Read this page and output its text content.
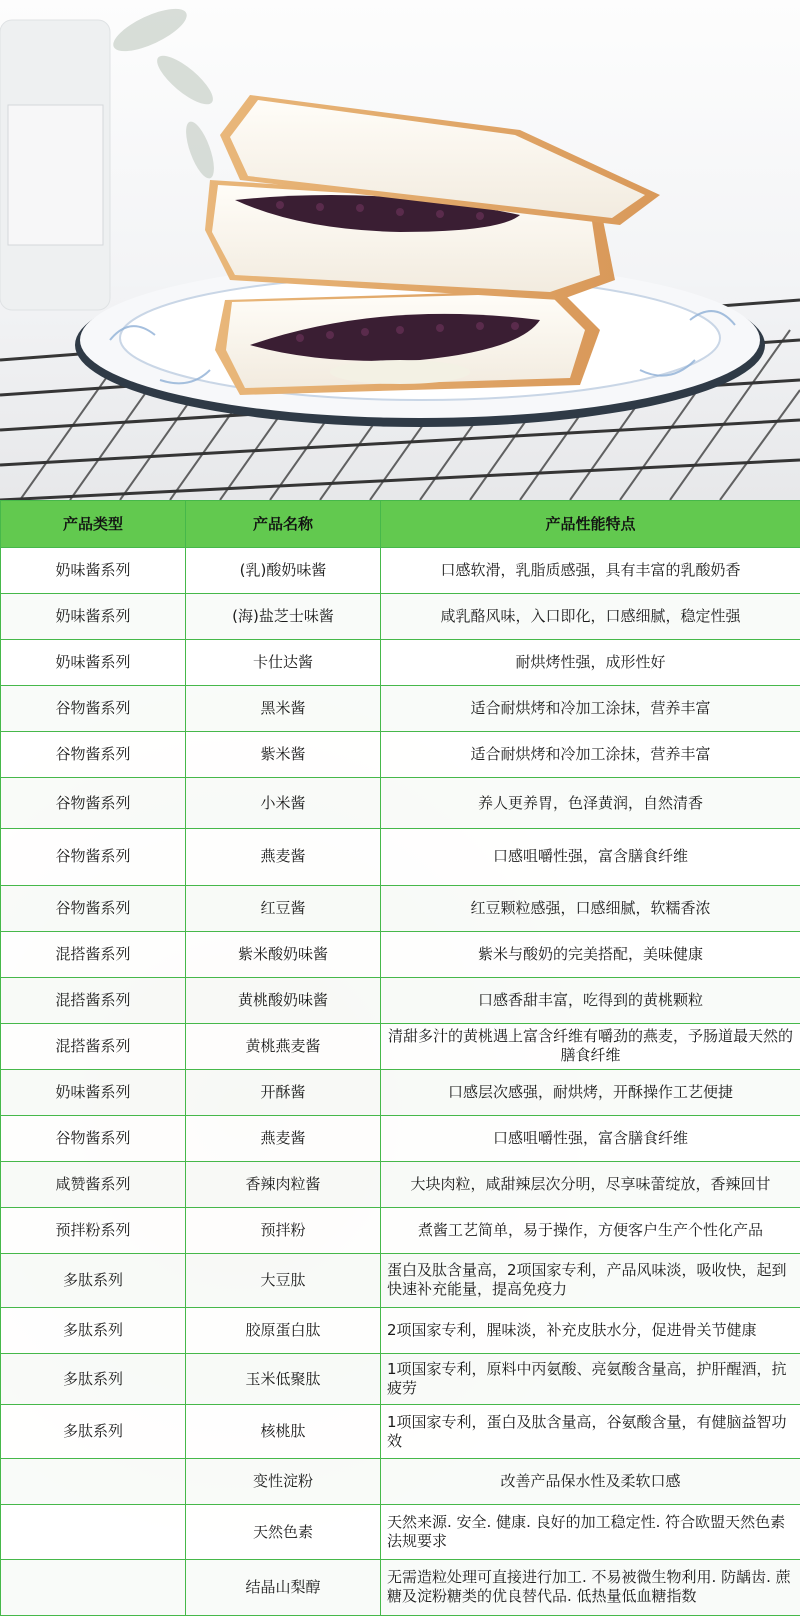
产品类型	产品名称	产品性能特点
奶味酱系列	(乳)酸奶味酱	口感软滑，乳脂质感强，具有丰富的乳酸奶香
奶味酱系列	(海)盐芝士味酱	咸乳酪风味，入口即化，口感细腻，稳定性强
奶味酱系列	卡仕达酱	耐烘烤性强，成形性好
谷物酱系列	黑米酱	适合耐烘烤和冷加工涂抹，营养丰富
谷物酱系列	紫米酱	适合耐烘烤和冷加工涂抹，营养丰富
谷物酱系列	小米酱	养人更养胃，色泽黄润，自然清香
谷物酱系列	燕麦酱	口感咀嚼性强，富含膳食纤维
谷物酱系列	红豆酱	红豆颗粒感强，口感细腻，软糯香浓
混搭酱系列	紫米酸奶味酱	紫米与酸奶的完美搭配，美味健康
混搭酱系列	黄桃酸奶味酱	口感香甜丰富，吃得到的黄桃颗粒
混搭酱系列	黄桃燕麦酱	清甜多汁的黄桃遇上富含纤维有嚼劲的燕麦，予肠道最天然的膳食纤维
奶味酱系列	开酥酱	口感层次感强，耐烘烤，开酥操作工艺便捷
谷物酱系列	燕麦酱	口感咀嚼性强，富含膳食纤维
咸赞酱系列	香辣肉粒酱	大块肉粒，咸甜辣层次分明，尽享味蕾绽放，香辣回甘
预拌粉系列	预拌粉	煮酱工艺简单，易于操作，方便客户生产个性化产品
多肽系列	大豆肽	蛋白及肽含量高，2项国家专利，产品风味淡，吸收快，起到快速补充能量，提高免疫力
多肽系列	胶原蛋白肽	2项国家专利，腥味淡，补充皮肤水分，促进骨关节健康
多肽系列	玉米低聚肽	1项国家专利，原料中丙氨酸、亮氨酸含量高，护肝醒酒，抗疲劳
多肽系列	核桃肽	1项国家专利，蛋白及肽含量高，谷氨酸含量，有健脑益智功效
	变性淀粉	改善产品保水性及柔软口感
	天然色素	天然来源. 安全. 健康. 良好的加工稳定性. 符合欧盟天然色素法规要求
	结晶山梨醇	无需造粒处理可直接进行加工. 不易被微生物利用. 防龋齿. 蔗糖及淀粉糖类的优良替代品. 低热量低血糖指数
